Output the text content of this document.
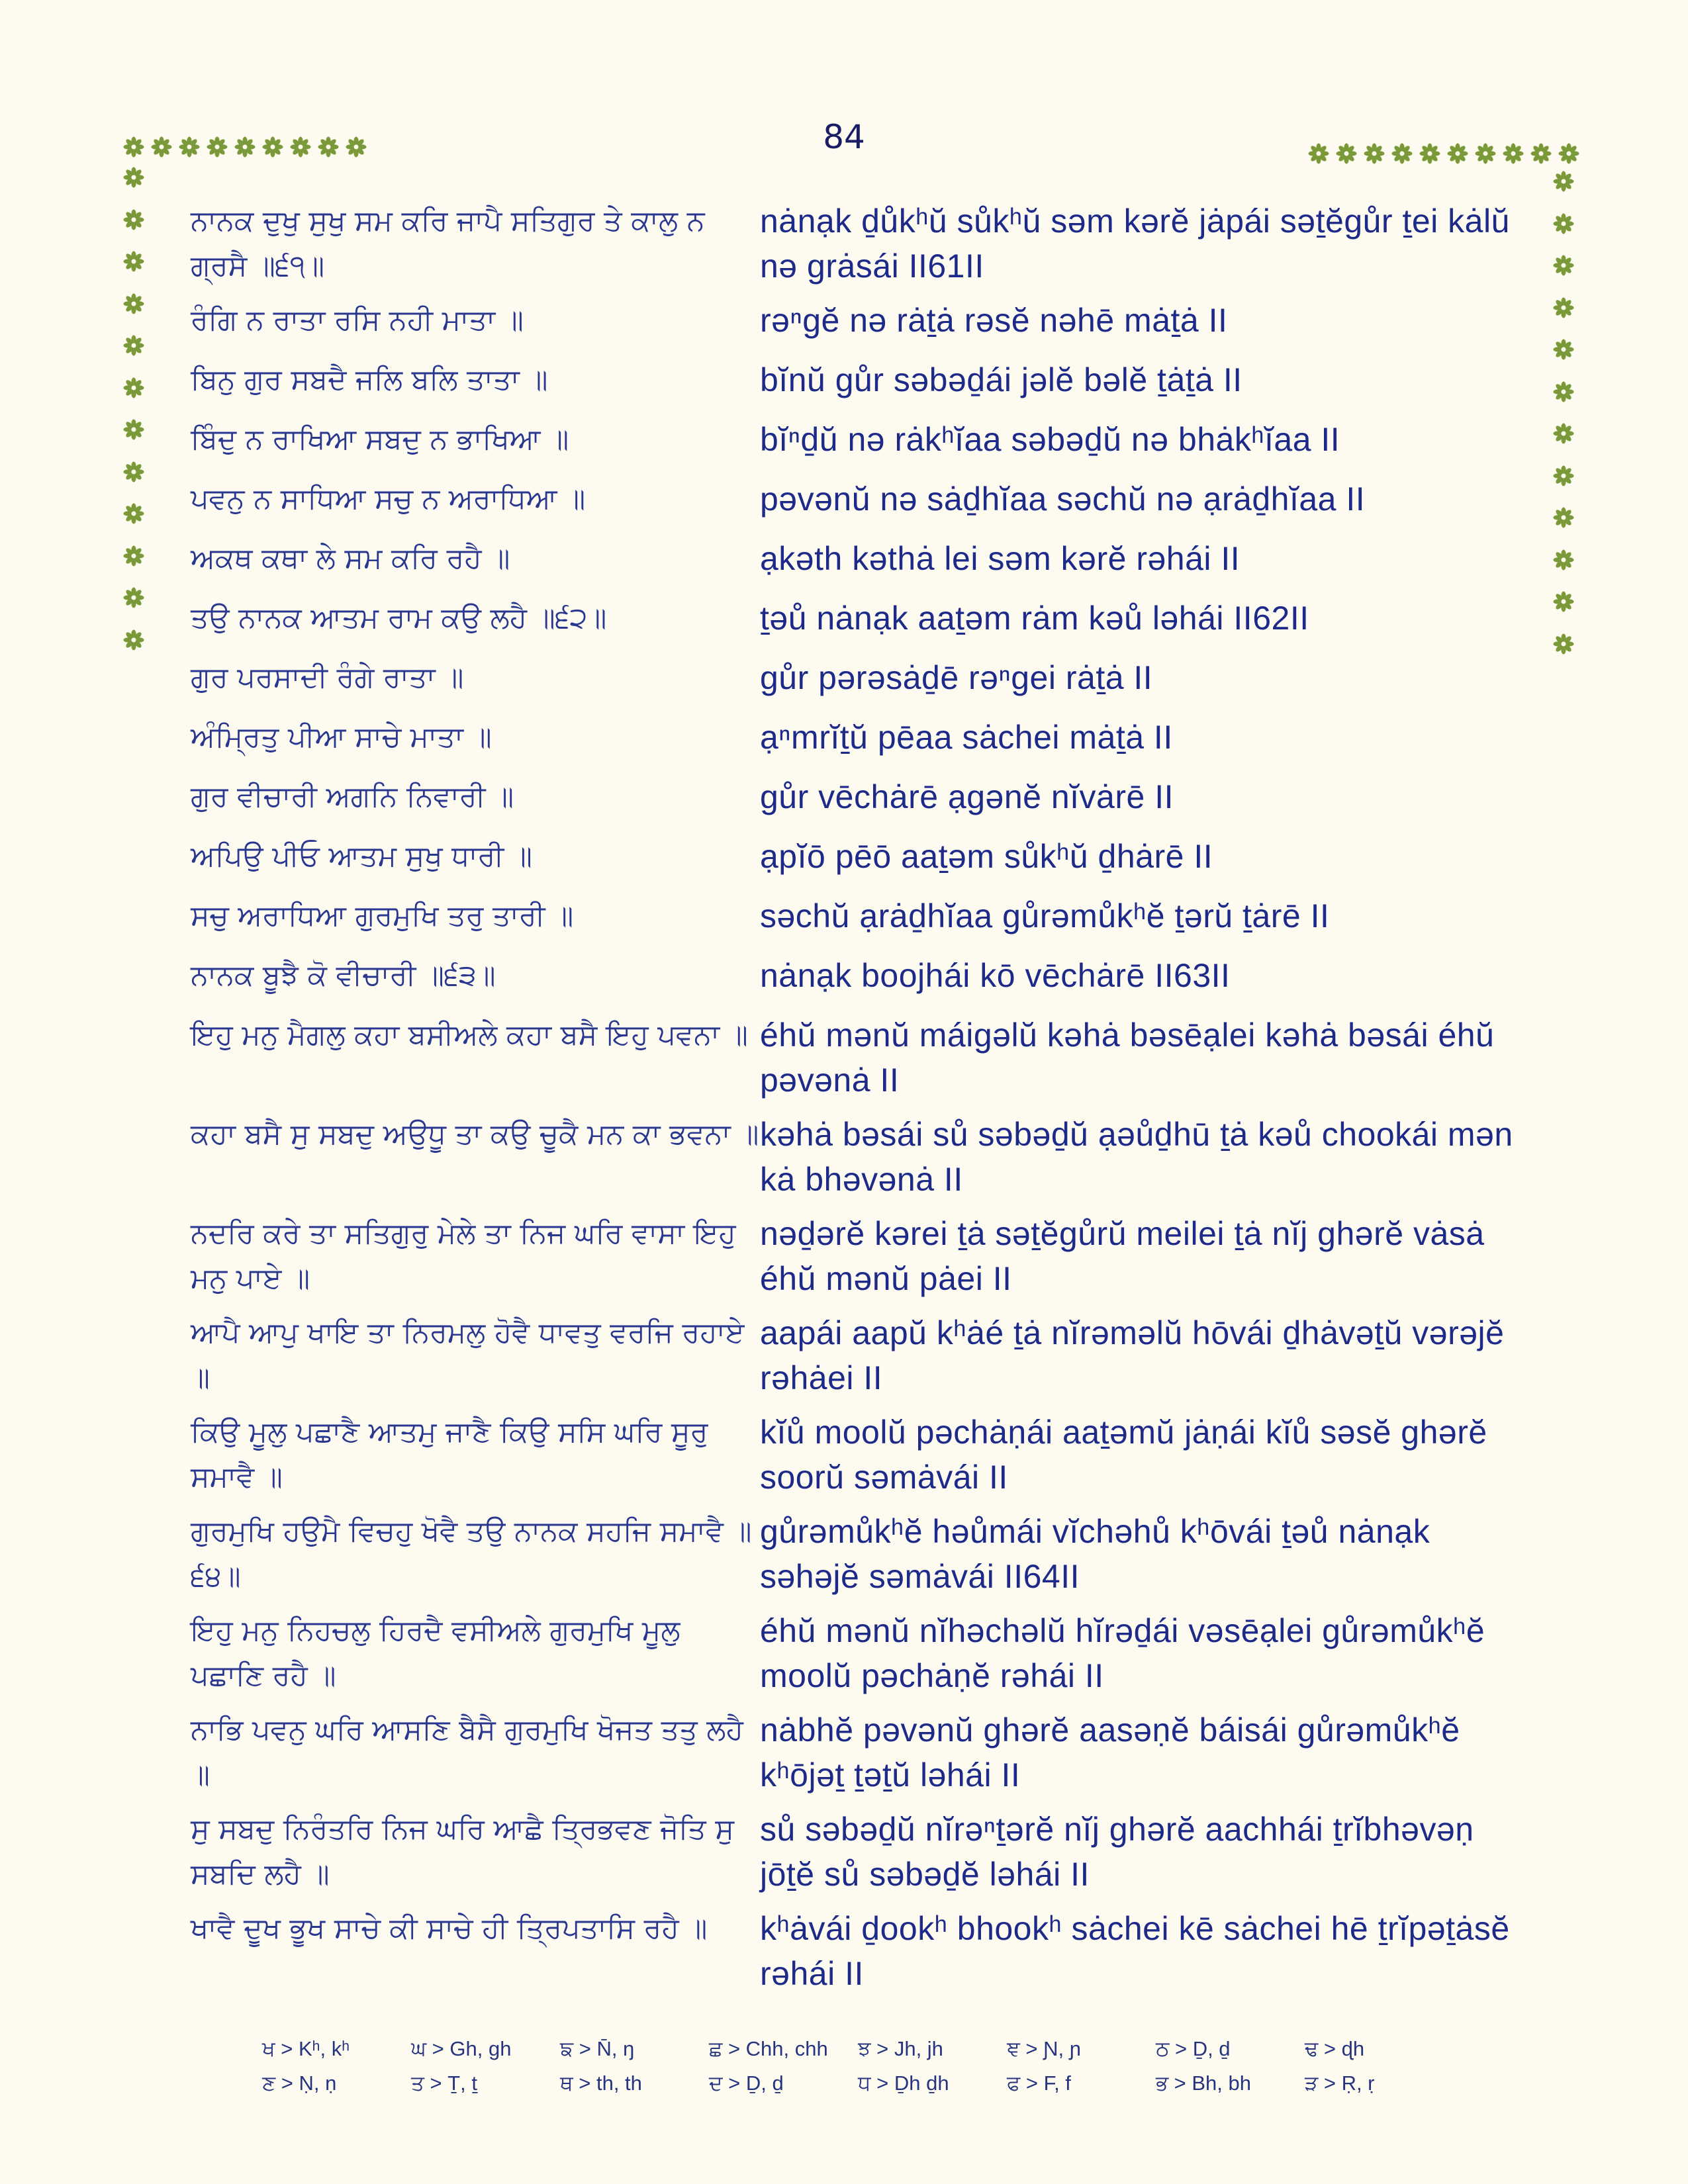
84
ਨਾਨਕ ਦੁਖੁ ਸੁਖੁ ਸਮ ਕਰਿ ਜਾਪੈ ਸਤਿਗੁਰ ਤੇ ਕਾਲੁ ਨ ਗ੍ਰਸੈ ॥੬੧॥
nȧnạk ḏůkʰŭ sůkʰŭ səm kərĕ jȧpái səṯĕgůr ṯei kȧlŭ nə grȧsái II61II
ਰੰਗਿ ਨ ਰਾਤਾ ਰਸਿ ਨਹੀ ਮਾਤਾ ॥	rəⁿgĕ nə rȧṯȧ rəsĕ nəhē mȧṯȧ II
ਬਿਨੁ ਗੁਰ ਸਬਦੈ ਜਲਿ ਬਲਿ ਤਾਤਾ ॥	bĭnŭ gůr səbəḏái jəlĕ bəlĕ ṯȧṯȧ II
ਬਿੰਦੁ ਨ ਰਾਖਿਆ ਸਬਦੁ ਨ ਭਾਖਿਆ ॥	bĭⁿḏŭ nə rȧkʰĭaa səbəḏŭ nə bhȧkʰĭaa II
ਪਵਨੁ ਨ ਸਾਧਿਆ ਸਚੁ ਨ ਅਰਾਧਿਆ ॥	pəvənŭ nə sȧḏhĭaa səchŭ nə ạrȧḏhĭaa II
ਅਕਥ ਕਥਾ ਲੇ ਸਮ ਕਰਿ ਰਹੈ ॥	ạkəth kəthȧ lei səm kərĕ rəhái II
ਤਉ ਨਾਨਕ ਆਤਮ ਰਾਮ ਕਉ ਲਹੈ ॥੬੨॥	ṯəů nȧnạk aaṯəm rȧm kəů ləhái II62II
ਗੁਰ ਪਰਸਾਦੀ ਰੰਗੇ ਰਾਤਾ ॥	gůr pərəsȧḏē rəⁿgei rȧṯȧ II
ਅੰਮ੍ਰਿਤੁ ਪੀਆ ਸਾਚੇ ਮਾਤਾ ॥	ạⁿmrĭṯŭ pēaa sȧchei mȧṯȧ II
ਗੁਰ ਵੀਚਾਰੀ ਅਗਨਿ ਨਿਵਾਰੀ ॥	gůr vēchȧrē ạgənĕ nĭvȧrē II
ਅਪਿਉ ਪੀਓ ਆਤਮ ਸੁਖੁ ਧਾਰੀ ॥	ạpĭō pēō aaṯəm sůkʰŭ ḏhȧrē II
ਸਚੁ ਅਰਾਧਿਆ ਗੁਰਮੁਖਿ ਤਰੁ ਤਾਰੀ ॥	səchŭ ạrȧḏhĭaa gůrəmůkʰĕ ṯərŭ ṯȧrē II
ਨਾਨਕ ਬੂਝੈ ਕੋ ਵੀਚਾਰੀ ॥੬੩॥	nȧnạk boojhái kō vēchȧrē II63II
ਇਹੁ ਮਨੁ ਮੈਗਲੁ ਕਹਾ ਬਸੀਅਲੇ ਕਹਾ ਬਸੈ ਇਹੁ ਪਵਨਾ ॥ éhŭ mənŭ máigəlŭ kəhȧ bəsēạlei kəhȧ bəsái éhŭ pəvənȧ II
ਕਹਾ ਬਸੈ ਸੁ ਸਬਦੁ ਅਉਧੂ ਤਾ ਕਉ ਚੂਕੈ ਮਨ ਕਾ ਭਵਨਾ ॥ kəhȧ bəsái sů səbəḏŭ ạəůḏhū ṯȧ kəů chookái mən kȧ bhəvənȧ II
ਨਦਰਿ ਕਰੇ ਤਾ ਸਤਿਗੁਰੁ ਮੇਲੇ ਤਾ ਨਿਜ ਘਰਿ ਵਾਸਾ ਇਹੁ ਮਨੁ ਪਾਏ ॥
nəḏərĕ kərei ṯȧ səṯĕgůrŭ meilei ṯȧ nĭj ghərĕ vȧsȧ éhŭ mənŭ pȧei II
ਆਪੈ ਆਪੁ ਖਾਇ ਤਾ ਨਿਰਮਲੁ ਹੋਵੈ ਧਾਵਤੁ ਵਰਜਿ ਰਹਾਏ ॥
aapái aapŭ kʰȧé ṯȧ nĭrəməlŭ hōvái ḏhȧvəṯŭ vərəjĕ rəhȧei II
ਕਿਉ ਮੂਲੁ ਪਛਾਣੈ ਆਤਮੁ ਜਾਣੈ ਕਿਉ ਸਸਿ ਘਰਿ ਸੂਰੁ ਸਮਾਵੈ ॥
kĭů moolŭ pəchȧṇái aaṯəmŭ jȧṇái kĭů səsĕ ghərĕ soorŭ səmȧvái II
ਗੁਰਮੁਖਿ ਹਉਮੈ ਵਿਚਹੁ ਖੋਵੈ ਤਉ ਨਾਨਕ ਸਹਜਿ ਸਮਾਵੈ ॥੬੪॥
gůrəmůkʰĕ həůmái vĭchəhů kʰōvái ṯəů nȧnạk səhəjĕ səmȧvái II64II
ਇਹੁ ਮਨੁ ਨਿਹਚਲੁ ਹਿਰਦੈ ਵਸੀਅਲੇ ਗੁਰਮੁਖਿ ਮੂਲੁ ਪਛਾਣਿ ਰਹੈ ॥
éhŭ mənŭ nĭhəchəlŭ hĭrəḏái vəsēạlei gůrəmůkʰĕ moolŭ pəchȧṇĕ rəhái II
ਨਾਭਿ ਪਵਨੁ ਘਰਿ ਆਸਣਿ ਬੈਸੈ ਗੁਰਮੁਖਿ ਖੋਜਤ ਤਤੁ ਲਹੈ ॥
nȧbhĕ pəvənŭ ghərĕ aasəṇĕ báisái gůrəmůkʰĕ kʰōjəṯ ṯəṯŭ ləhái II
ਸੁ ਸਬਦੁ ਨਿਰੰਤਰਿ ਨਿਜ ਘਰਿ ਆਛੈ ਤ੍ਰਿਭਵਣ ਜੋਤਿ ਸੁ ਸਬਦਿ ਲਹੈ ॥
sů səbəḏŭ nĭrəⁿṯərĕ nĭj ghərĕ aachhái ṯrĭbhəvəṇ jōṯĕ sů səbəḏĕ ləhái II
ਖਾਵੈ ਦੂਖ ਭੂਖ ਸਾਚੇ ਕੀ ਸਾਚੇ ਹੀ ਤ੍ਰਿਪਤਾਸਿ ਰਹੈ ॥	kʰȧvái ḏookʰ bhookʰ sȧchei kē sȧchei hē ṯrĭpəṯȧsĕ rəhái II
ਖ > Kʰ, kʰ	ਘ > Gh, gh	ਙ > N̄, ŋ	ਛ > Chh, chh	ਝ > Jh, jh	ਞ > Ɲ, ɲ	ਠ > Ḏ, ḏ	ਢ > ɖh
ਣ > Ṇ, ṇ	ਤ > Ṯ, ṯ	ਥ > th, th	ਦ > Ḏ, ḏ	ਧ > Ḏh ḏh	ਫ > F, f	ਭ > Bh, bh	ੜ > Ṛ, ṛ
